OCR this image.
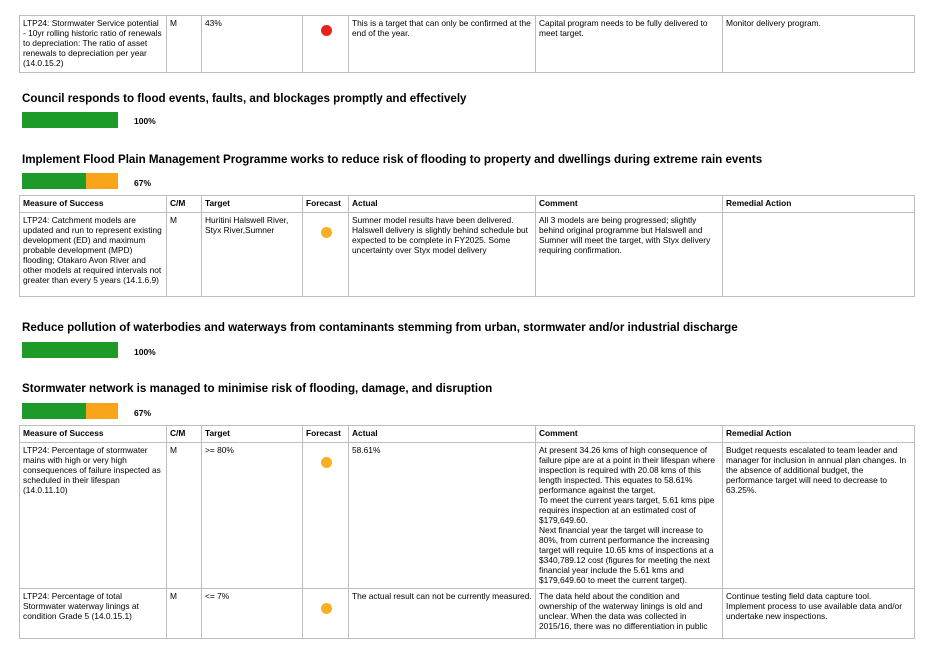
LTP24: Stormwater Service potential - 10yr rolling historic ratio of renewals to depreciation: The ratio of asset renewals to depreciation per year (14.0.15.2)	M	43%		This is a target that can only be confirmed at the end of the year.	Capital program needs to be fully delivered to meet target.	Monitor delivery program.
Council responds to flood events, faults, and blockages promptly and effectively
100%
Implement Flood Plain Management Programme works to reduce risk of flooding to property and dwellings during extreme rain events
67%
Measure of Success	C/M	Target	Forecast	Actual	Comment	Remedial Action
LTP24: Catchment models are updated and run to represent existing development (ED) and maximum probable development (MPD) flooding; Otakaro Avon River and other models at required intervals not greater than every 5 years (14.1.6.9)	M	Huritini Halswell River, Styx River,Sumner		Sumner model results have been delivered. Halswell delivery is slightly behind schedule but expected to be complete in FY2025. Some uncertainty over Styx model delivery	All 3 models are being progressed; slightly behind original programme but Halswell and Sumner will meet the target, with Styx delivery requiring confirmation.	
Reduce pollution of waterbodies and waterways from contaminants stemming from urban, stormwater and/or industrial discharge
100%
Stormwater network is managed to minimise risk of flooding, damage, and disruption
67%
Measure of Success	C/M	Target	Forecast	Actual	Comment	Remedial Action
LTP24: Percentage of stormwater mains with high or very high consequences of failure inspected as scheduled in their lifespan (14.0.11.10)	M	>= 80%		58.61%	At present 34.26 kms of high consequence of failure pipe are at a point in their lifespan where inspection is required with 20.08 kms of this length inspected. This equates to 58.61% performance against the target.
To meet the current years target, 5.61 kms pipe requires inspection at an estimated cost of $179,649.60.
Next financial year the target will increase to 80%, from current performance the increasing target will require 10.65 kms of inspections at a $340,789.12 cost (figures for meeting the next financial year include the 5.61 kms and $179,649.60 to meet the current target).	Budget requests escalated to team leader and manager for inclusion in annual plan changes. In the absence of additional budget, the performance target will need to decrease to 63.25%.
LTP24: Percentage of total Stormwater waterway linings at condition Grade 5 (14.0.15.1)	M	<= 7%		The actual result can not be currently measured.	The data held about the condition and ownership of the waterway linings is old and unclear. When the data was collected in 2015/16, there was no differentiation in public	Continue testing field data capture tool. Implement process to use available data and/or undertake new inspections.
